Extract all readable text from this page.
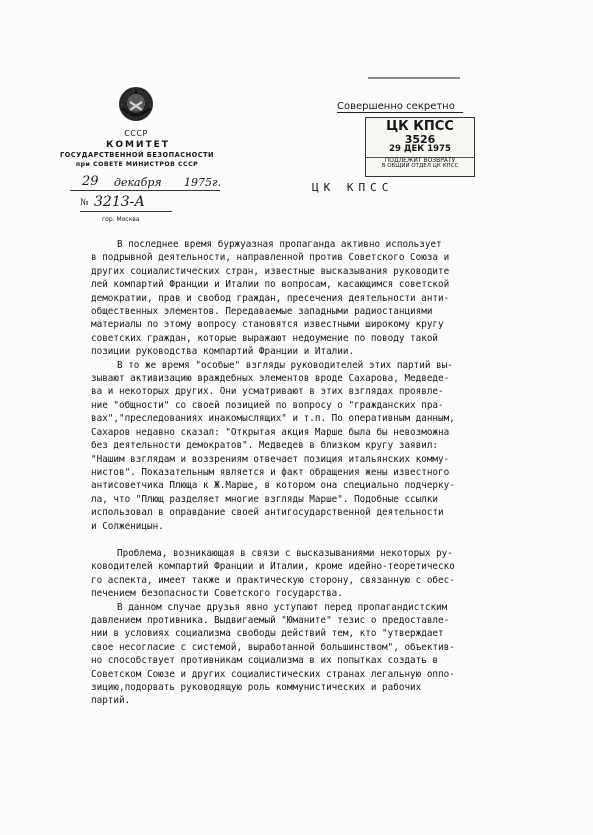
СССР
КОМИТЕТ
ГОСУДАРСТВЕННОЙ БЕЗОПАСНОСТИ
при СОВЕТЕ МИНИСТРОВ СССР
29 декабря 1975г.
№ 3213-А
гор. Москва
Совершенно секретно
ЦК КПСС
3526
29 ДЕК 1975
ПОДЛЕЖИТ ВОЗВРАТУ
В ОБЩИЙ ОТДЕЛ ЦК КПСС
ЦК КПСС
В последнее время буржуазная пропаганда активно использует
в подрывной деятельности, направленной против Советского Союза и
других социалистических стран, известные высказывания руководите
лей компартий Франции и Италии по вопросам, касающимся советской
демократии, прав и свобод граждан, пресечения деятельности анти-
общественных элементов. Передаваемые западными радиостанциями
материалы по этому вопросу становятся известными широкому кругу
советских граждан, которые выражают недоумение по поводу такой
позиции руководства компартий Франции и Италии.
В то же время "особые" взгляды руководителей этих партий вы-
зывают активизацию враждебных элементов вроде Сахарова, Медведе-
ва и некоторых других. Они усматривают в этих взглядах проявле-
ние "общности" со своей позицией по вопросу о "гражданских пра-
вах","преследованиях инакомыслящих" и т.п. По оперативным данным,
Сахаров недавно сказал: "Открытая акция Марше была бы невозможна
без деятельности демократов". Медведев в близком кругу заявил:
"Нашим взглядам и воззрениям отвечает позиция итальянских комму-
нистов". Показательным является и факт обращения жены известного
антисоветчика Плюща к Ж.Марше, в котором она специально подчерку-
ла, что "Плющ разделяет многие взгляды Марше". Подобные ссылки
использовал в оправдание своей антигосударственной деятельности
и Солженицын.
Проблема, возникающая в связи с высказываниями некоторых ру-
ководителей компартий Франции и Италии, кроме идейно-теоретическо
го аспекта, имеет также и практическую сторону, связанную с обес-
печением безопасности Советского государства.
В данном случае друзья явно уступают перед пропагандистским
давлением противника. Выдвигаемый "Юманите" тезис о предоставле-
нии в условиях социализма свободы действий тем, кто "утверждает
свое несогласие с системой, выработанной большинством", объектив-
но способствует противникам социализма в их попытках создать в
Советском Союзе и других социалистических странах легальную оппо-
зицию,подорвать руководящую роль коммунистических и рабочих
партий.
